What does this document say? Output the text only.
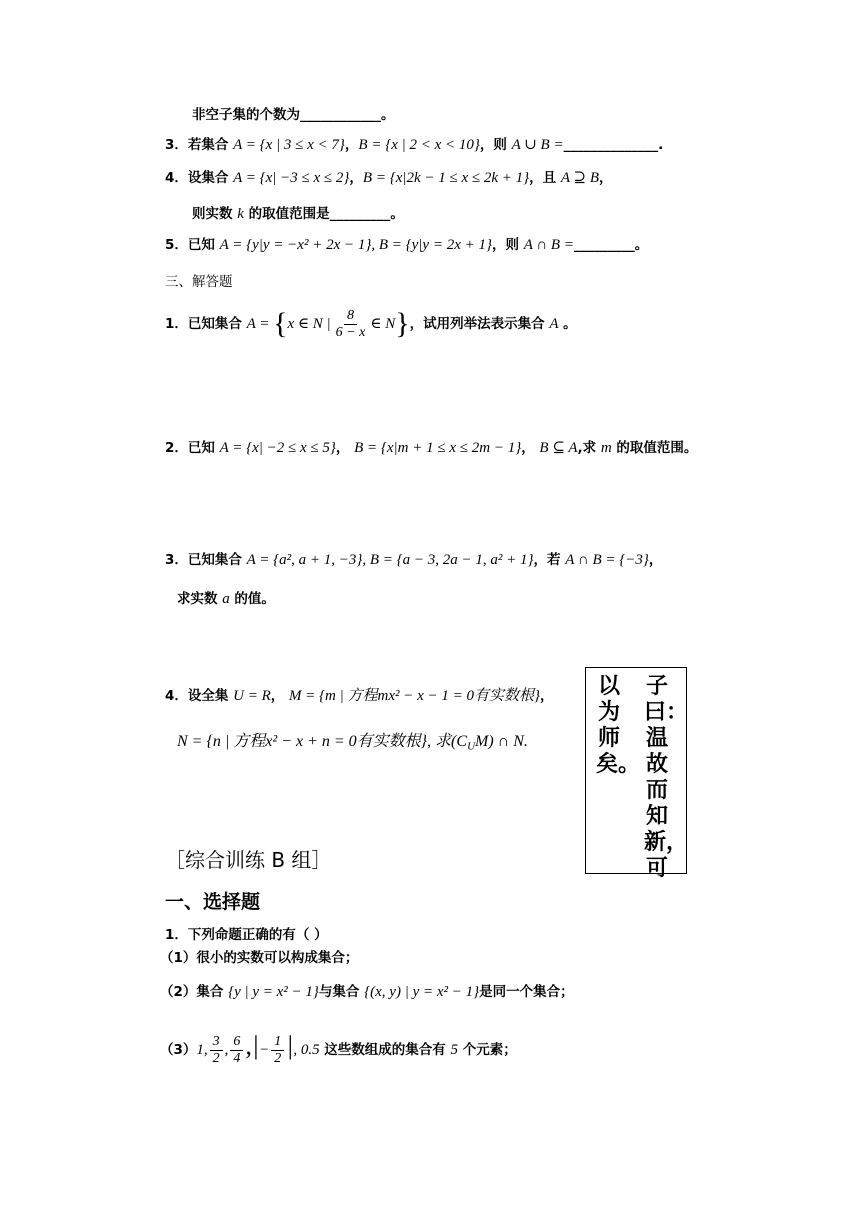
非空子集的个数为____________。
3．若集合 A = {x | 3 ≤ x < 7}，B = {x | 2 < x < 10}，则 A ∪ B =______________.
4．设集合 A = {x| −3 ≤ x ≤ 2}，B = {x|2k − 1 ≤ x ≤ 2k + 1}，且 A ⊇ B，
则实数 k 的取值范围是_________。
5．已知 A = {y|y = −x² + 2x − 1}, B = {y|y = 2x + 1}，则 A ∩ B =_________。
三、解答题
1．已知集合 A = {x ∈ N | $\frac{8}{6 - x}$ ∈ N}，试用列举法表示集合 A 。
2．已知 A = {x| −2 ≤ x ≤ 5}， B = {x|m + 1 ≤ x ≤ 2m − 1}， B ⊆ A,求 m 的取值范围。
3．已知集合 A = {a², a + 1, −3}, B = {a − 3, 2a − 1, a² + 1}，若 A ∩ B = {−3}，
求实数 a 的值。
4．设全集 U = R， M = {m | 方程mx² − x − 1 = 0有实数根}，
N = {n | 方程x² − x + n = 0有实数根}, 求$(C_UM)$ ∩ N.
子曰：温故而知新，可
以为师矣。
［综合训练 B 组］
一、选择题
1．下列命题正确的有（ ）
（1）很小的实数可以构成集合；
（2）集合 {y | y = x² − 1}与集合 {(x, y) | y = x² − 1}是同一个集合；
（3）1, $\frac{3}{2}$ , $\frac{6}{4}$ ,|− $\frac{1}{2}$ |, 0.5 这些数组成的集合有 5 个元素；
